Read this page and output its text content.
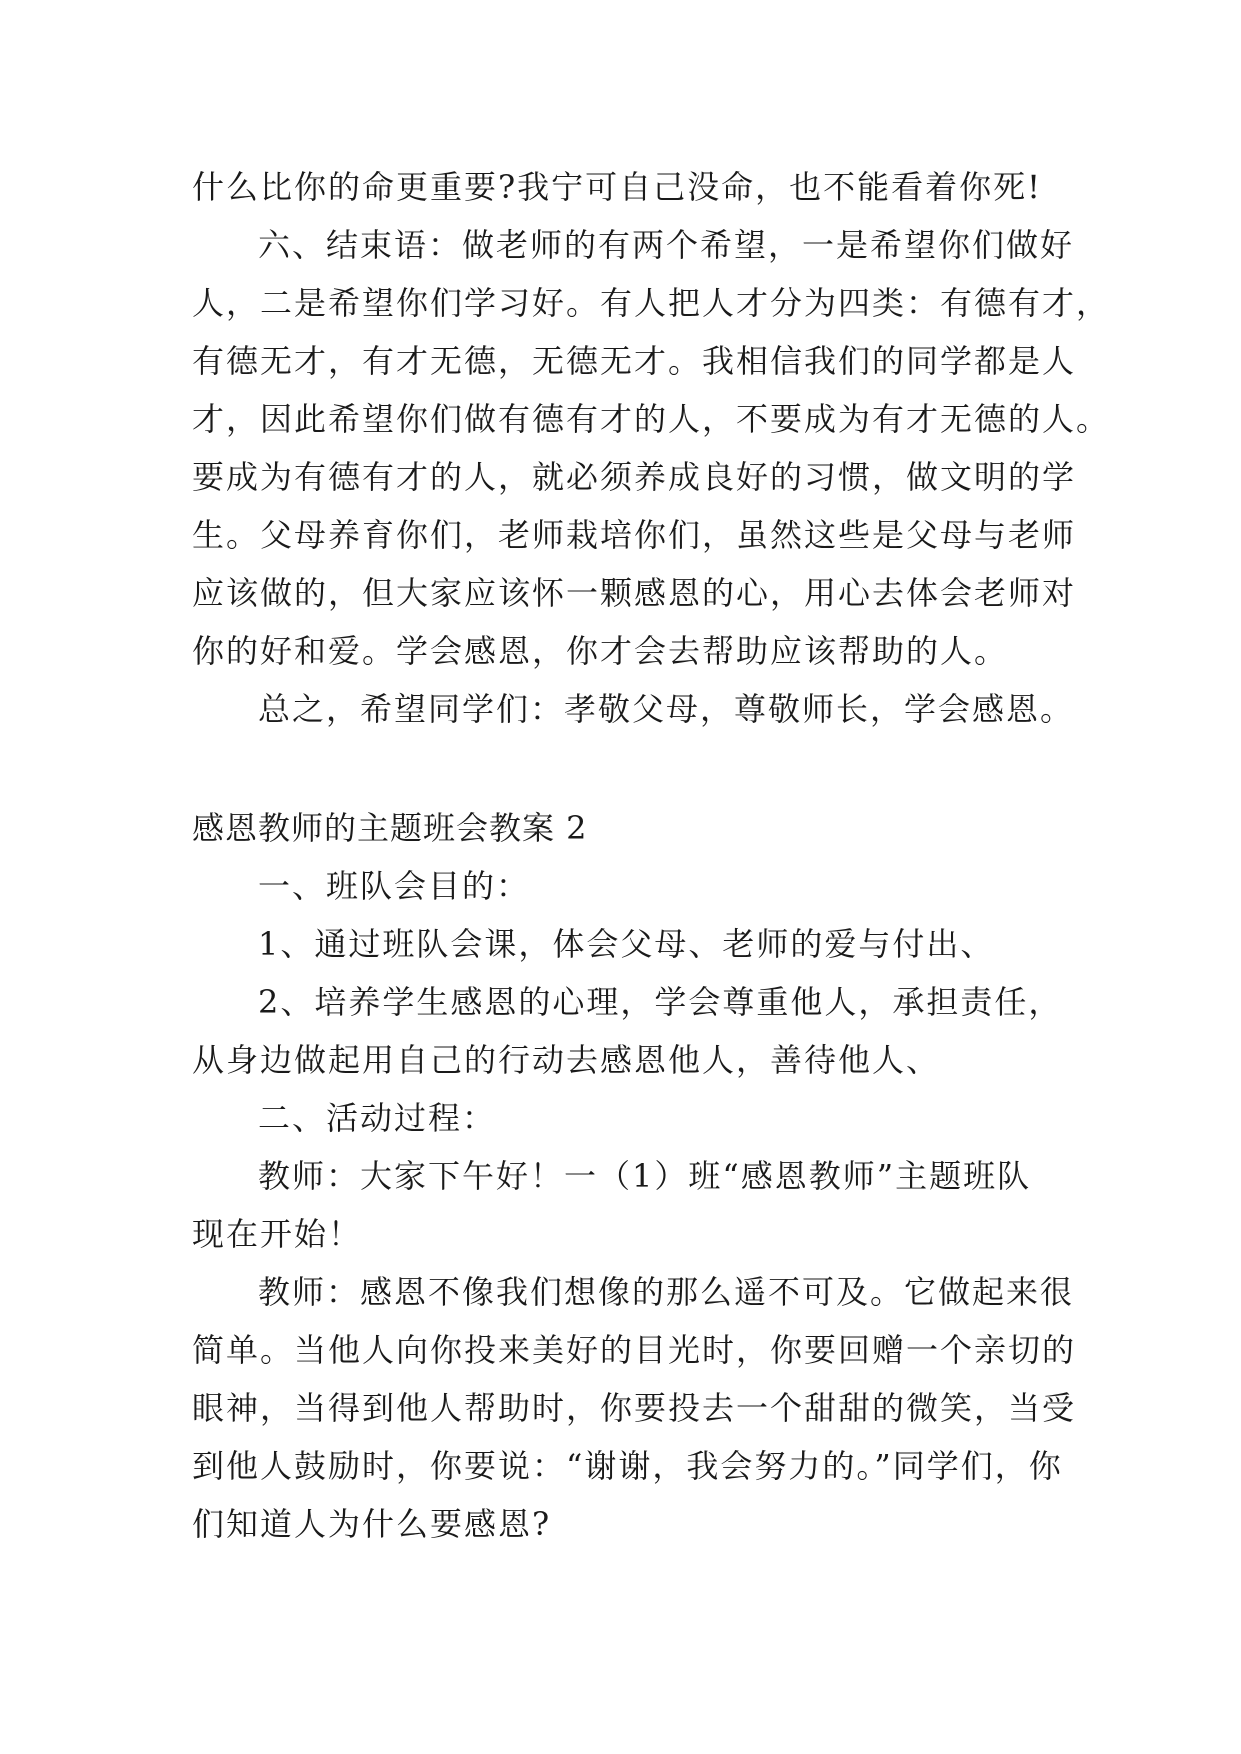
什么比你的命更重要?我宁可自己没命，也不能看着你死!
六、结束语：做老师的有两个希望，一是希望你们做好
人，二是希望你们学习好。有人把人才分为四类：有德有才，
有德无才，有才无德，无德无才。我相信我们的同学都是人
才，因此希望你们做有德有才的人，不要成为有才无德的人。
要成为有德有才的人，就必须养成良好的习惯，做文明的学
生。父母养育你们，老师栽培你们，虽然这些是父母与老师
应该做的，但大家应该怀一颗感恩的心，用心去体会老师对
你的好和爱。学会感恩，你才会去帮助应该帮助的人。
总之，希望同学们：孝敬父母，尊敬师长，学会感恩。
感恩教师的主题班会教案 2
一、班队会目的：
1、通过班队会课，体会父母、老师的爱与付出、
2、培养学生感恩的心理，学会尊重他人，承担责任，
从身边做起用自己的行动去感恩他人，善待他人、
二、活动过程：
教师：大家下午好！一（1）班“感恩教师”主题班队
现在开始！
教师：感恩不像我们想像的那么遥不可及。它做起来很
简单。当他人向你投来美好的目光时，你要回赠一个亲切的
眼神，当得到他人帮助时，你要投去一个甜甜的微笑，当受
到他人鼓励时，你要说：“谢谢，我会努力的。”同学们，你
们知道人为什么要感恩?
